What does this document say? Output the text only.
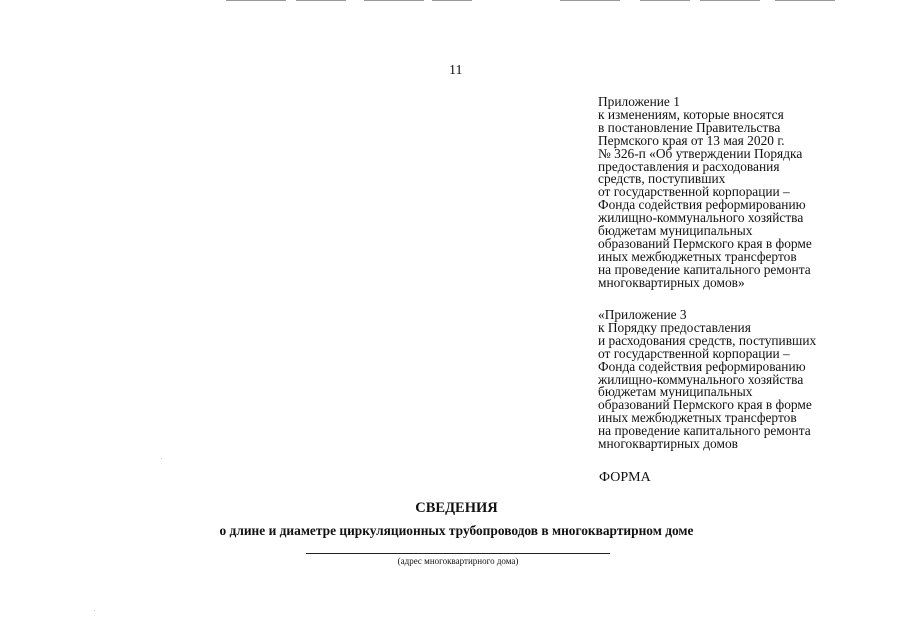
11
Приложение 1
к изменениям, которые вносятся
в постановление Правительства
Пермского края от 13 мая 2020 г.
№ 326-п «Об утверждении Порядка
предоставления и расходования
средств, поступивших
от государственной корпорации –
Фонда содействия реформированию
жилищно-коммунального хозяйства
бюджетам муниципальных
образований Пермского края в форме
иных межбюджетных трансфертов
на проведение капитального ремонта
многоквартирных домов»
«Приложение 3
к Порядку предоставления
и расходования средств, поступивших
от государственной корпорации –
Фонда содействия реформированию
жилищно-коммунального хозяйства
бюджетам муниципальных
образований Пермского края в форме
иных межбюджетных трансфертов
на проведение капитального ремонта
многоквартирных домов
ФОРМА
СВЕДЕНИЯ
о длине и диаметре циркуляционных трубопроводов в многоквартирном доме
(адрес многоквартирного дома)
